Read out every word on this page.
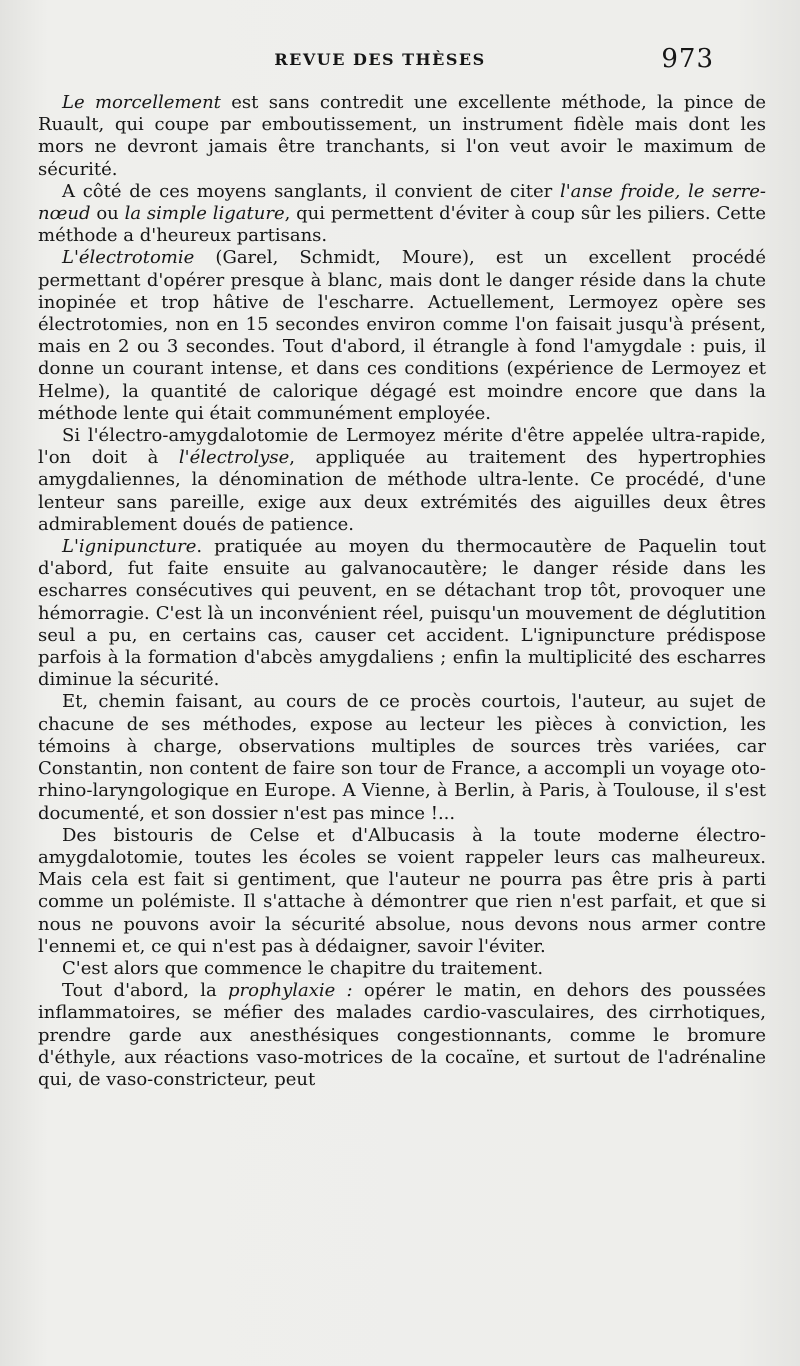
REVUE DES THÈSES	973

Le morcellement est sans contredit une excellente méthode, la pince de Ruault, qui coupe par emboutissement, un instrument fidèle mais dont les mors ne devront jamais être tranchants, si l'on veut avoir le maximum de sécurité.

A côté de ces moyens sanglants, il convient de citer l'anse froide, le serre-nœud ou la simple ligature, qui permettent d'éviter à coup sûr les piliers. Cette méthode a d'heureux partisans.

L'électrotomie (Garel, Schmidt, Moure), est un excellent procédé permettant d'opérer presque à blanc, mais dont le danger réside dans la chute inopinée et trop hâtive de l'escharre. Actuellement, Lermoyez opère ses électrotomies, non en 15 secondes environ comme l'on faisait jusqu'à présent, mais en 2 ou 3 secondes. Tout d'abord, il étrangle à fond l'amygdale : puis, il donne un courant intense, et dans ces conditions (expérience de Lermoyez et Helme), la quantité de calorique dégagé est moindre encore que dans la méthode lente qui était communément employée.

Si l'électro-amygdalotomie de Lermoyez mérite d'être appelée ultra-rapide, l'on doit à l'électrolyse, appliquée au traitement des hypertrophies amygdaliennes, la dénomination de méthode ultra-lente. Ce procédé, d'une lenteur sans pareille, exige aux deux extrémités des aiguilles deux êtres admirablement doués de patience.

L'ignipuncture. pratiquée au moyen du thermocautère de Paquelin tout d'abord, fut faite ensuite au galvanocautère; le danger réside dans les escharres consécutives qui peuvent, en se détachant trop tôt, provoquer une hémorragie. C'est là un inconvénient réel, puisqu'un mouvement de déglutition seul a pu, en certains cas, causer cet accident. L'ignipuncture prédispose parfois à la formation d'abcès amygdaliens ; enfin la multiplicité des escharres diminue la sécurité.

Et, chemin faisant, au cours de ce procès courtois, l'auteur, au sujet de chacune de ses méthodes, expose au lecteur les pièces à conviction, les témoins à charge, observations multiples de sources très variées, car Constantin, non content de faire son tour de France, a accompli un voyage oto-rhino-laryngologique en Europe. A Vienne, à Berlin, à Paris, à Toulouse, il s'est documenté, et son dossier n'est pas mince !...

Des bistouris de Celse et d'Albucasis à la toute moderne électro-amygdalotomie, toutes les écoles se voient rappeler leurs cas malheureux. Mais cela est fait si gentiment, que l'auteur ne pourra pas être pris à parti comme un polémiste. Il s'attache à démontrer que rien n'est parfait, et que si nous ne pouvons avoir la sécurité absolue, nous devons nous armer contre l'ennemi et, ce qui n'est pas à dédaigner, savoir l'éviter.

C'est alors que commence le chapitre du traitement.

Tout d'abord, la prophylaxie : opérer le matin, en dehors des poussées inflammatoires, se méfier des malades cardio-vasculaires, des cirrhotiques, prendre garde aux anesthésiques congestionnants, comme le bromure d'éthyle, aux réactions vaso-motrices de la cocaïne, et surtout de l'adrénaline qui, de vaso-constricteur, peut
